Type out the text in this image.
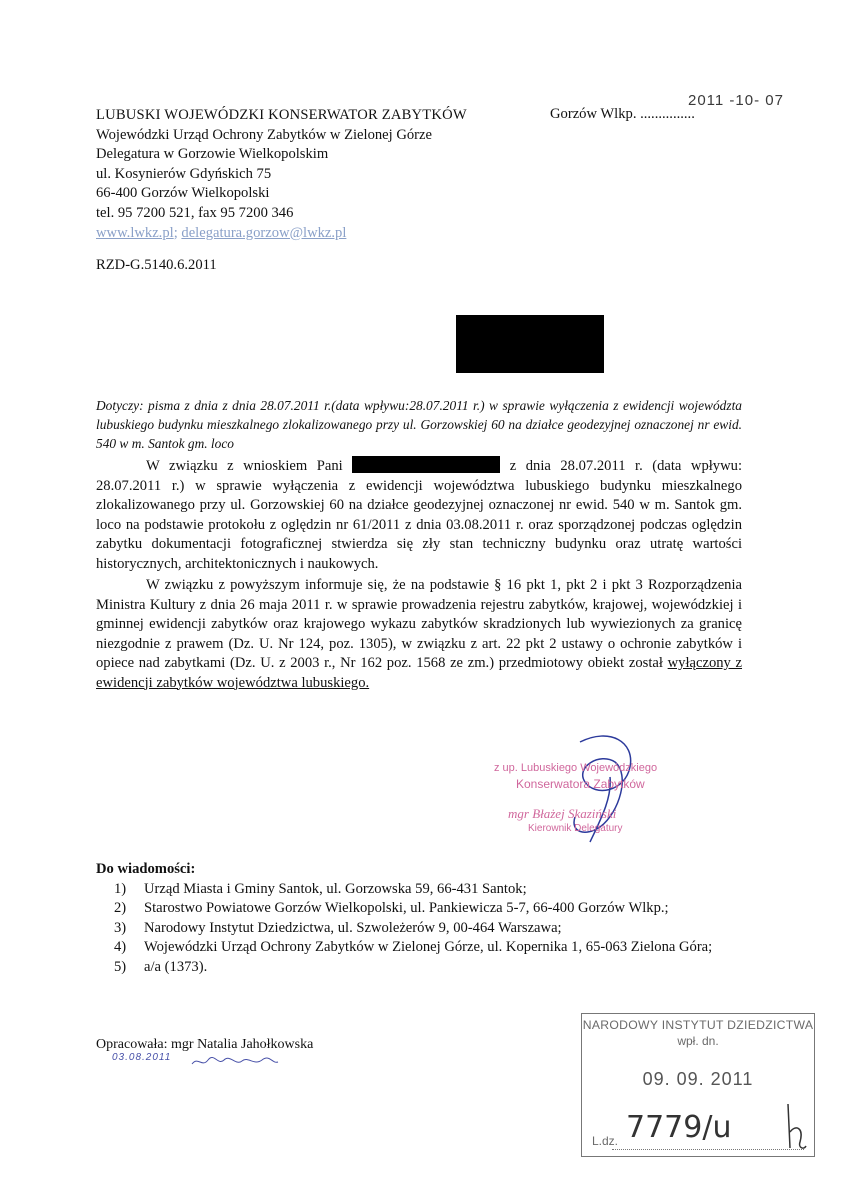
LUBUSKI WOJEWÓDZKI KONSERWATOR ZABYTKÓW
Wojewódzki Urząd Ochrony Zabytków w Zielonej Górze
Delegatura w Gorzowie Wielkopolskim
ul. Kosynierów Gdyńskich 75
66-400 Gorzów Wielkopolski
tel. 95 7200 521, fax 95 7200 346
www.lwkz.pl; delegatura.gorzow@lwkz.pl
Gorzów Wlkp. ...............
2011 -10- 07
RZD-G.5140.6.2011
Dotyczy: pisma z dnia z dnia 28.07.2011 r.(data wpływu:28.07.2011 r.) w sprawie wyłączenia z ewidencji województa lubuskiego budynku mieszkalnego zlokalizowanego przy ul. Gorzowskiej 60 na działce geodezyjnej oznaczonej nr ewid. 540 w m. Santok gm. loco

W związku z wnioskiem Pani	z dnia 28.07.2011 r. (data wpływu: 28.07.2011 r.) w sprawie wyłączenia z ewidencji województwa lubuskiego budynku mieszkalnego zlokalizowanego przy ul. Gorzowskiej 60 na działce geodezyjnej oznaczonej nr ewid. 540 w m. Santok gm. loco na podstawie protokołu z oględzin nr 61/2011 z dnia 03.08.2011 r. oraz sporządzonej podczas oględzin zabytku dokumentacji fotograficznej stwierdza się zły stan techniczny budynku oraz utratę wartości historycznych, architektonicznych i naukowych.

W związku z powyższym informuje się, że na podstawie § 16 pkt 1, pkt 2 i pkt 3 Rozporządzenia Ministra Kultury z dnia 26 maja 2011 r. w sprawie prowadzenia rejestru zabytków, krajowej, wojewódzkiej i gminnej ewidencji zabytków oraz krajowego wykazu zabytków skradzionych lub wywiezionych za granicę niezgodnie z prawem (Dz. U. Nr 124, poz. 1305), w związku z art. 22 pkt 2 ustawy o ochronie zabytków i opiece nad zabytkami (Dz. U. z 2003 r., Nr 162 poz. 1568 ze zm.) przedmiotowy obiekt został wyłączony z ewidencji zabytków województwa lubuskiego.

z up. Lubuskiego Wojewódzkiego
Konserwatora Zabytków
mgr Błażej Skaziński
Kierownik Delegatury
Do wiadomości:
1) Urząd Miasta i Gminy Santok, ul. Gorzowska 59, 66-431 Santok;
2) Starostwo Powiatowe Gorzów Wielkopolski, ul. Pankiewicza 5-7, 66-400 Gorzów Wlkp.;
3) Narodowy Instytut Dziedzictwa, ul. Szwoleżerów 9, 00-464 Warszawa;
4) Wojewódzki Urząd Ochrony Zabytków w Zielonej Górze, ul. Kopernika 1, 65-063 Zielona Góra;
5) a/a (1373).
Opracowała: mgr Natalia Jahołkowska
03.08.2011
NARODOWY INSTYTUT DZIEDZICTWA
wpł. dn.
09. 09. 2011
L.dz. 7779/u
